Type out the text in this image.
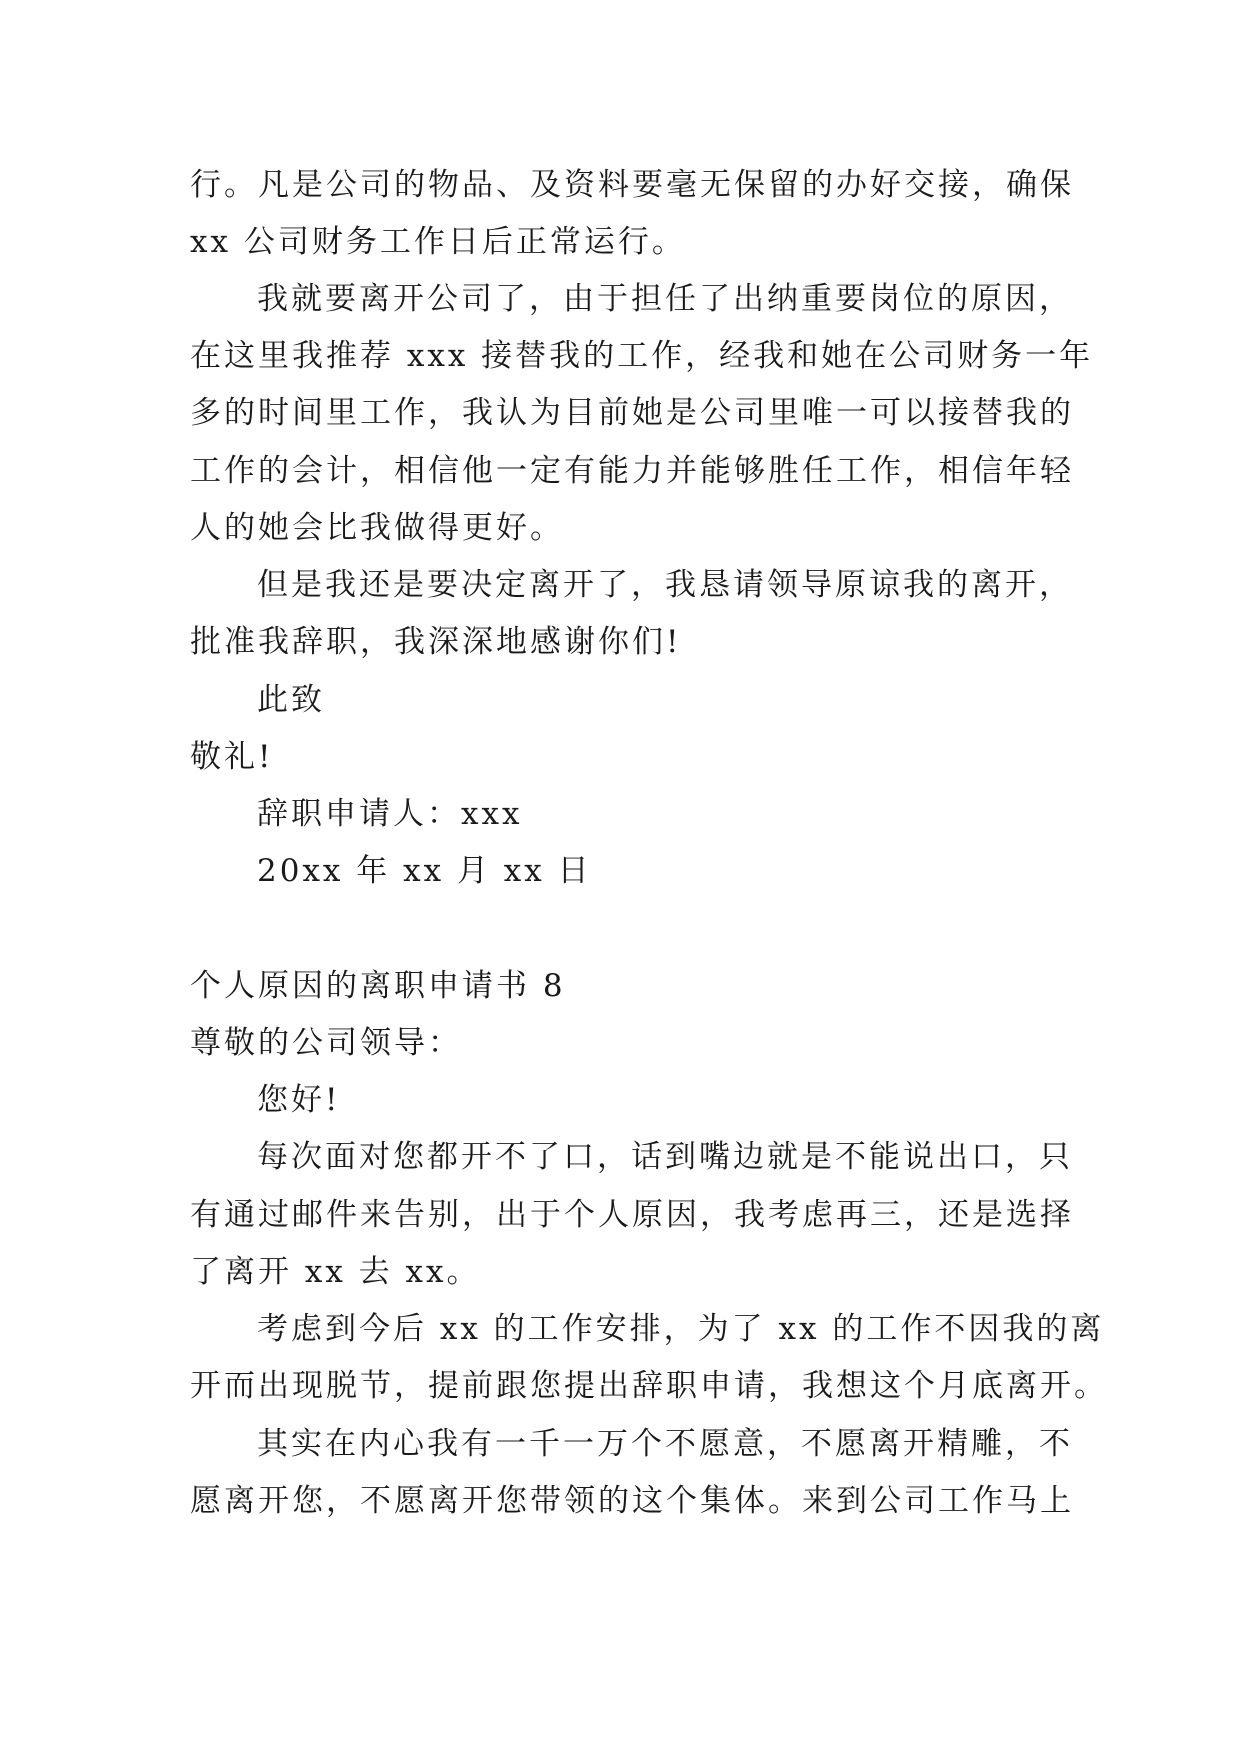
行。凡是公司的物品、及资料要毫无保留的办好交接，确保
xx 公司财务工作日后正常运行。
我就要离开公司了，由于担任了出纳重要岗位的原因，
在这里我推荐 xxx 接替我的工作，经我和她在公司财务一年
多的时间里工作，我认为目前她是公司里唯一可以接替我的
工作的会计，相信他一定有能力并能够胜任工作，相信年轻
人的她会比我做得更好。
但是我还是要决定离开了，我恳请领导原谅我的离开，
批准我辞职，我深深地感谢你们!
此致
敬礼!
辞职申请人：xxx
20xx 年 xx 月 xx 日
个人原因的离职申请书 8
尊敬的公司领导：
您好!
每次面对您都开不了口，话到嘴边就是不能说出口，只
有通过邮件来告别，出于个人原因，我考虑再三，还是选择
了离开 xx 去 xx。
考虑到今后 xx 的工作安排，为了 xx 的工作不因我的离
开而出现脱节，提前跟您提出辞职申请，我想这个月底离开。
其实在内心我有一千一万个不愿意，不愿离开精雕，不
愿离开您，不愿离开您带领的这个集体。来到公司工作马上
